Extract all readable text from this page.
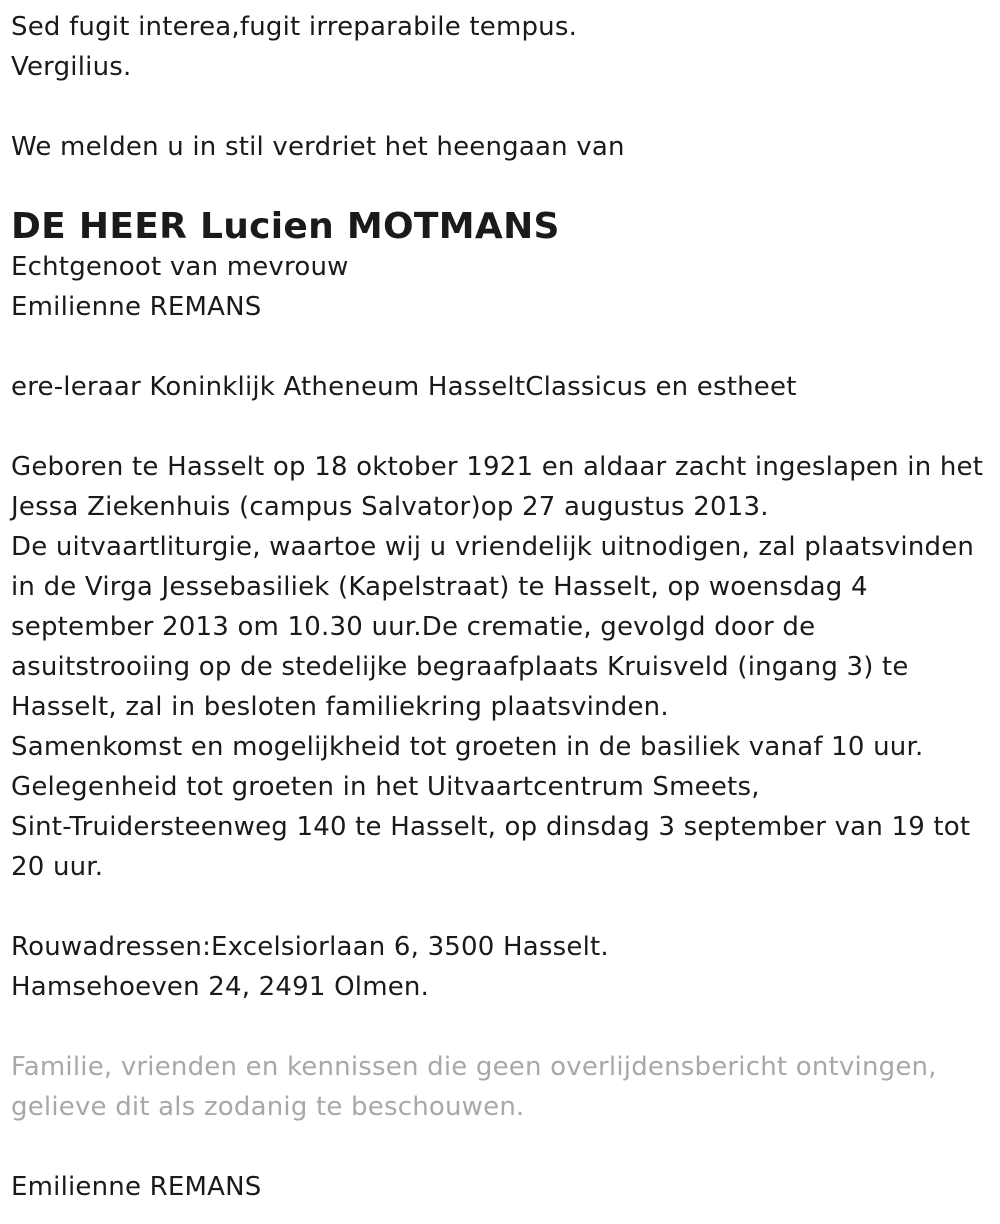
Sed fugit interea,fugit irreparabile tempus.
Vergilius.
We melden u in stil verdriet het heengaan van
DE HEER Lucien MOTMANS
Echtgenoot van mevrouw
Emilienne REMANS
ere-leraar Koninklijk Atheneum HasseltClassicus en estheet
Geboren te Hasselt op 18 oktober 1921 en aldaar zacht ingeslapen in het
Jessa Ziekenhuis (campus Salvator)op 27 augustus 2013.
De uitvaartliturgie, waartoe wij u vriendelijk uitnodigen, zal plaatsvinden
in de Virga Jessebasiliek (Kapelstraat) te Hasselt, op woensdag 4
september 2013 om 10.30 uur.De crematie, gevolgd door de
asuitstrooiing op de stedelijke begraafplaats Kruisveld (ingang 3) te
Hasselt, zal in besloten familiekring plaatsvinden.
Samenkomst en mogelijkheid tot groeten in de basiliek vanaf 10 uur.
Gelegenheid tot groeten in het Uitvaartcentrum Smeets,
Sint-Truidersteenweg 140 te Hasselt, op dinsdag 3 september van 19 tot
20 uur.
Rouwadressen:Excelsiorlaan 6, 3500 Hasselt.
Hamsehoeven 24, 2491 Olmen.
Familie, vrienden en kennissen die geen overlijdensbericht ontvingen,
gelieve dit als zodanig te beschouwen.
Emilienne REMANS
